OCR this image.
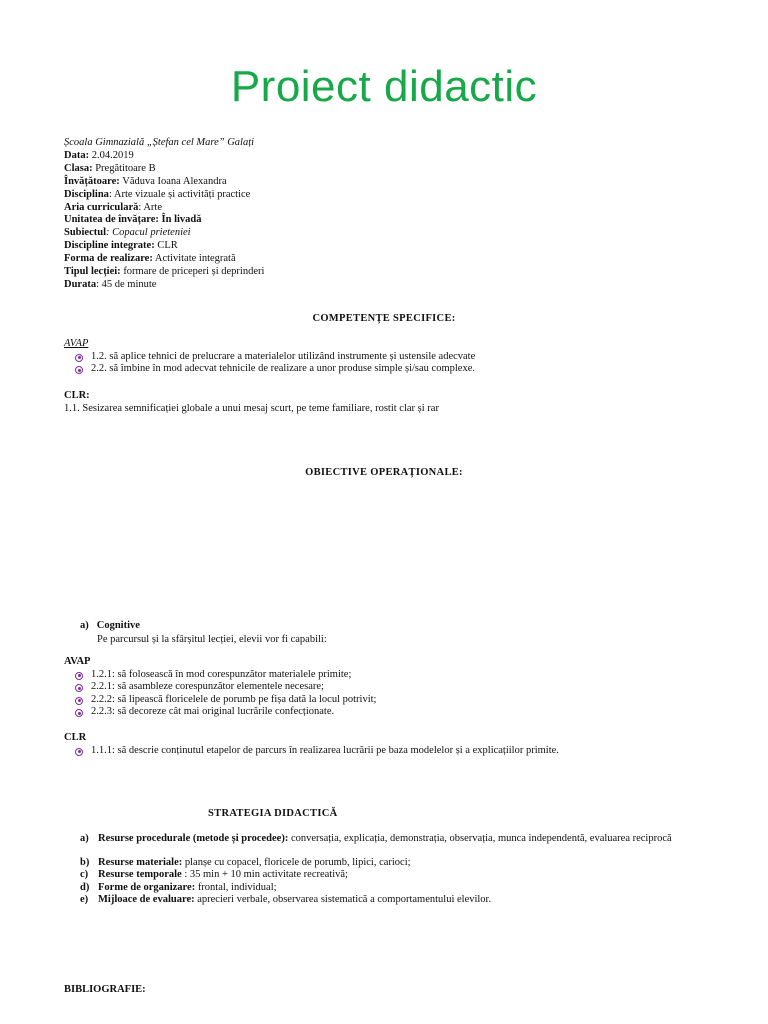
Proiect didactic
Școala Gimnazială „Ștefan cel Mare” Galați
Data: 2.04.2019
Clasa: Pregătitoare B
Învățătoare: Văduva Ioana Alexandra
Disciplina: Arte vizuale și activități practice
Aria curriculară: Arte
Unitatea de învățare: În livadă
Subiectul: Copacul prieteniei
Discipline integrate: CLR
Forma de realizare: Activitate integrată
Tipul lecției: formare de priceperi și deprinderi
Durata: 45 de minute
COMPETENȚE SPECIFICE:
AVAP
1.2. să aplice tehnici de prelucrare a materialelor utilizând instrumente și ustensile adecvate
2.2. să îmbine în mod adecvat tehnicile de realizare a unor produse simple și/sau complexe.
CLR:
1.1. Sesizarea semnificației globale a unui mesaj scurt, pe teme familiare, rostit clar și rar
OBIECTIVE OPERAȚIONALE:
a) Cognitive
Pe parcursul și la sfârșitul lecției, elevii vor fi capabili:
AVAP
1.2.1: să folosească în mod corespunzător materialele primite;
2.2.1: să asambleze corespunzător elementele necesare;
2.2.2: să lipească floricelele de porumb pe fișa dată la locul potrivit;
2.2.3: să decoreze cât mai original lucrările confecționate.
CLR
1.1.1: să descrie conținutul etapelor de parcurs în realizarea lucrării pe baza modelelor și a explicațiilor primite.
STRATEGIA DIDACTICĂ
a) Resurse procedurale (metode și procedee): conversația, explicația, demonstrația, observația, munca independentă, evaluarea reciprocă
b) Resurse materiale: planșe cu copacel, floricele de porumb, lipici, carioci;
c) Resurse temporale : 35 min + 10 min activitate recreativă;
d) Forme de organizare: frontal, individual;
e) Mijloace de evaluare: aprecieri verbale, observarea sistematică a comportamentului elevilor.
BIBLIOGRAFIE:
